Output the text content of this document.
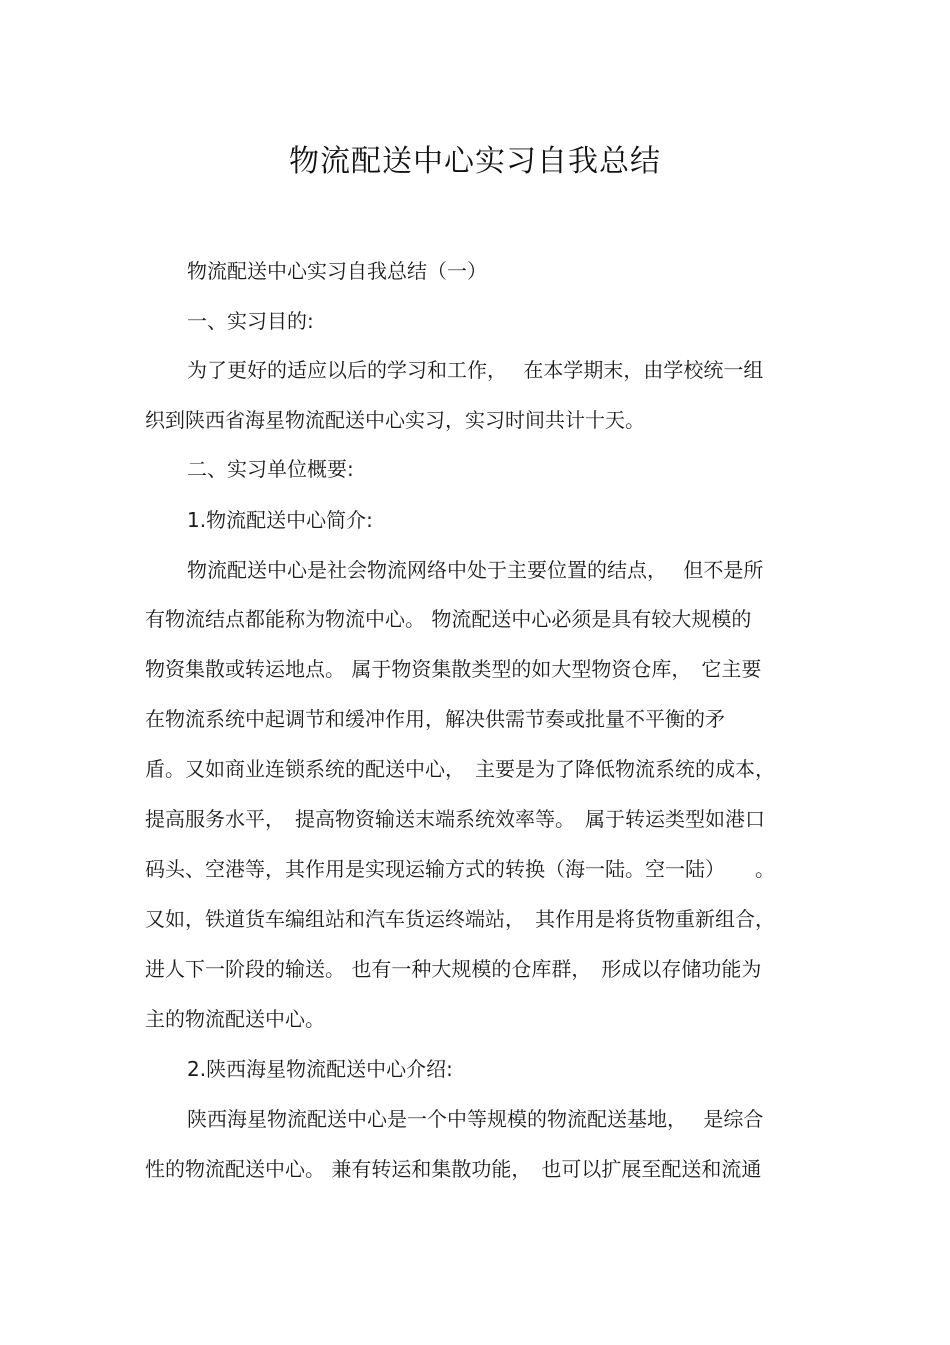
物流配送中心实习自我总结
物流配送中心实习自我总结（一）
一、实习目的:
为了更好的适应以后的学习和工作，　 在本学期末，由学校统一组
织到陕西省海星物流配送中心实习，实习时间共计十天。
二、实习单位概要:
1.物流配送中心简介:
物流配送中心是社会物流网络中处于主要位置的结点，　 但不是所
有物流结点都能称为物流中心。 物流配送中心必须是具有较大规模的
物资集散或转运地点。 属于物资集散类型的如大型物资仓库，　它主要
在物流系统中起调节和缓冲作用，解决供需节奏或批量不平衡的矛
盾。又如商业连锁系统的配送中心，　主要是为了降低物流系统的成本，
提高服务水平，　提高物资输送末端系统效率等。　属于转运类型如港口
码头、空港等，其作用是实现运输方式的转换（海一陆。空一陆）　　。
又如，铁道货车编组站和汽车货运终端站，　其作用是将货物重新组合，
进人下一阶段的输送。 也有一种大规模的仓库群，　形成以存储功能为
主的物流配送中心。
2.陕西海星物流配送中心介绍:
陕西海星物流配送中心是一个中等规模的物流配送基地，　 是综合
性的物流配送中心。 兼有转运和集散功能，　也可以扩展至配送和流通
